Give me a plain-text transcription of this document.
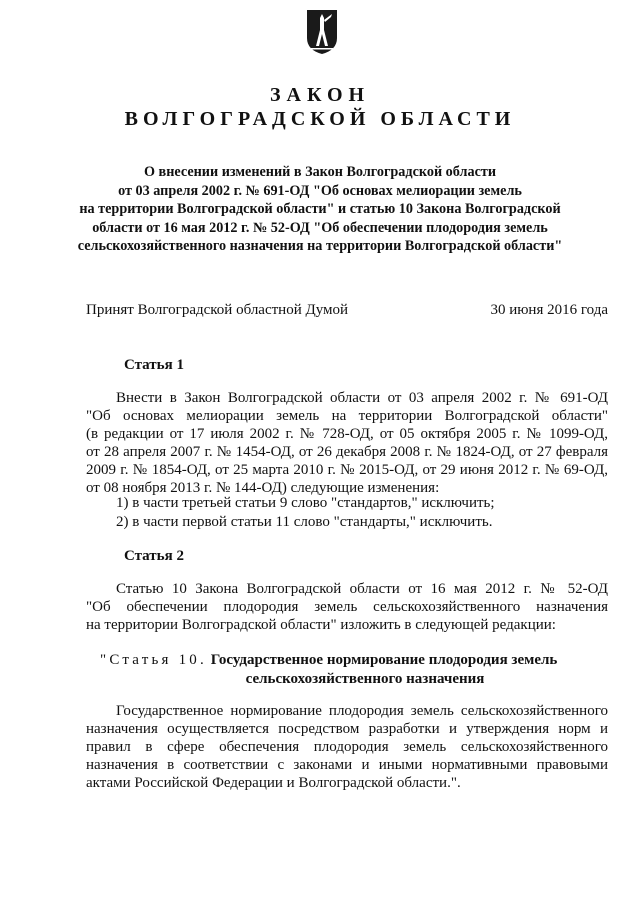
ЗАКОН
ВОЛГОГРАДСКОЙ ОБЛАСТИ
О внесении изменений в Закон Волгоградской области
от 03 апреля 2002 г. № 691-ОД "Об основах мелиорации земель
на территории Волгоградской области" и статью 10 Закона Волгоградской
области от 16 мая 2012 г. № 52-ОД "Об обеспечении плодородия земель
сельскохозяйственного назначения на территории Волгоградской области"
Принят Волгоградской областной Думой	30 июня 2016 года
Статья 1
Внести в Закон Волгоградской области от 03 апреля 2002 г. № 691-ОД
"Об основах мелиорации земель на территории Волгоградской области"
(в редакции от 17 июля 2002 г. № 728-ОД, от 05 октября 2005 г. № 1099-ОД,
от 28 апреля 2007 г. № 1454-ОД, от 26 декабря 2008 г. № 1824-ОД, от 27 февраля
2009 г. № 1854-ОД, от 25 марта 2010 г. № 2015-ОД, от 29 июня 2012 г. № 69-ОД,
от 08 ноября 2013 г. № 144-ОД) следующие изменения:
1) в части третьей статьи 9 слово "стандартов," исключить;
2) в части первой статьи 11 слово "стандарты," исключить.
Статья 2
Статью 10 Закона Волгоградской области от 16 мая 2012 г. № 52-ОД
"Об обеспечении плодородия земель сельскохозяйственного назначения
на территории Волгоградской области" изложить в следующей редакции:
"Статья 10. Государственное нормирование плодородия земель
сельскохозяйственного назначения
Государственное нормирование плодородия земель сельскохозяйственного
назначения осуществляется посредством разработки и утверждения норм и
правил в сфере обеспечения плодородия земель сельскохозяйственного
назначения в соответствии с законами и иными нормативными правовыми
актами Российской Федерации и Волгоградской области.".
